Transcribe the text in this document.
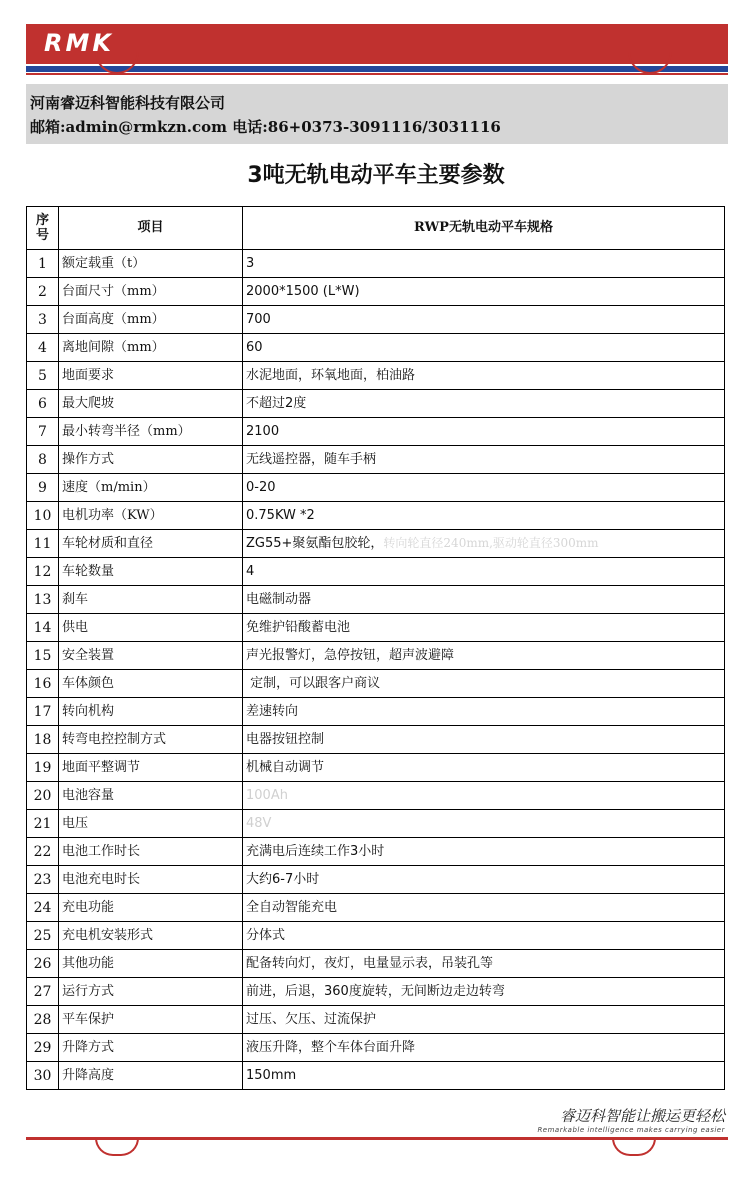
RMK
河南睿迈科智能科技有限公司
邮箱:admin@rmkzn.com 电话:86+0373-3091116/3031116
3吨无轨电动平车主要参数
序号	项目	RWP无轨电动平车规格
1	额定载重（t）	3
2	台面尺寸（mm）	2000*1500 (L*W)
3	台面高度（mm）	700
4	离地间隙（mm）	60
5	地面要求	水泥地面，环氧地面，柏油路
6	最大爬坡	不超过2度
7	最小转弯半径（mm）	2100
8	操作方式	无线遥控器，随车手柄
9	速度（m/min）	0-20
10	电机功率（KW）	0.75KW *2
11	车轮材质和直径	ZG55+聚氨酯包胶轮，转向轮直径240mm,驱动轮直径300mm
12	车轮数量	4
13	刹车	电磁制动器
14	供电	免维护铅酸蓄电池
15	安全装置	声光报警灯，急停按钮，超声波避障
16	车体颜色	定制，可以跟客户商议
17	转向机构	差速转向
18	转弯电控控制方式	电器按钮控制
19	地面平整调节	机械自动调节
20	电池容量	100Ah
21	电压	48V
22	电池工作时长	充满电后连续工作3小时
23	电池充电时长	大约6-7小时
24	充电功能	全自动智能充电
25	充电机安装形式	分体式
26	其他功能	配备转向灯，夜灯，电量显示表，吊装孔等
27	运行方式	前进，后退，360度旋转，无间断边走边转弯
28	平车保护	过压、欠压、过流保护
29	升降方式	液压升降，整个车体台面升降
30	升降高度	150mm
睿迈科智能让搬运更轻松
Remarkable intelligence makes carrying easier
